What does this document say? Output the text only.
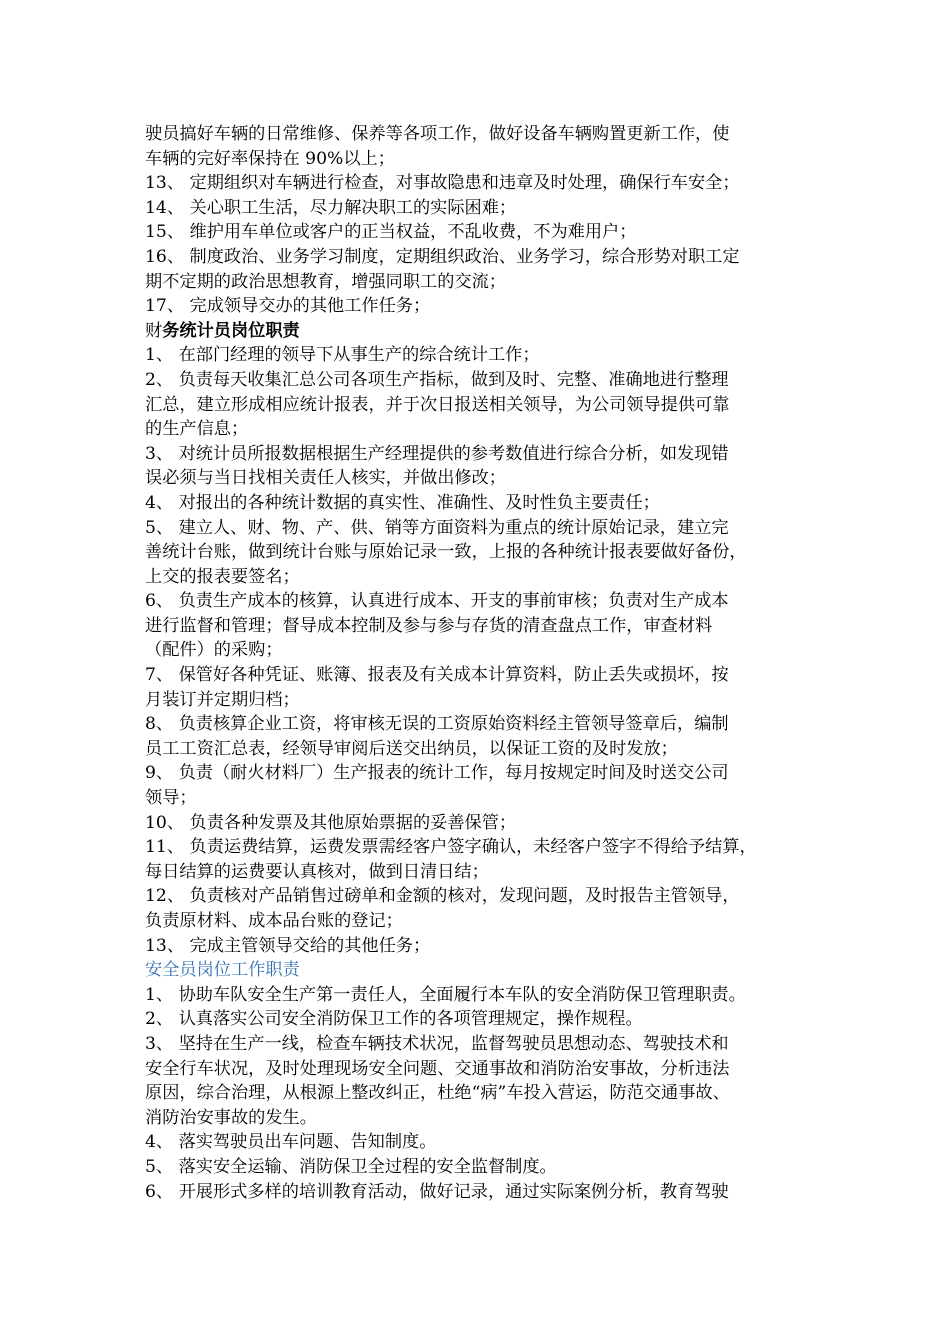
驶员搞好车辆的日常维修、保养等各项工作，做好设备车辆购置更新工作，使
车辆的完好率保持在 90%以上；
13、 定期组织对车辆进行检查，对事故隐患和违章及时处理，确保行车安全；
14、 关心职工生活，尽力解决职工的实际困难；
15、 维护用车单位或客户的正当权益，不乱收费，不为难用户；
16、 制度政治、业务学习制度，定期组织政治、业务学习，综合形势对职工定
期不定期的政治思想教育，增强同职工的交流；
17、 完成领导交办的其他工作任务；
财务统计员岗位职责
1、 在部门经理的领导下从事生产的综合统计工作；
2、 负责每天收集汇总公司各项生产指标，做到及时、完整、准确地进行整理
汇总，建立形成相应统计报表，并于次日报送相关领导，为公司领导提供可靠
的生产信息；
3、 对统计员所报数据根据生产经理提供的参考数值进行综合分析，如发现错
误必须与当日找相关责任人核实，并做出修改；
4、 对报出的各种统计数据的真实性、准确性、及时性负主要责任；
5、 建立人、财、物、产、供、销等方面资料为重点的统计原始记录，建立完
善统计台账，做到统计台账与原始记录一致，上报的各种统计报表要做好备份，
上交的报表要签名；
6、 负责生产成本的核算，认真进行成本、开支的事前审核；负责对生产成本
进行监督和管理；督导成本控制及参与参与存货的清查盘点工作，审查材料
（配件）的采购；
7、 保管好各种凭证、账簿、报表及有关成本计算资料，防止丢失或损坏，按
月装订并定期归档；
8、 负责核算企业工资，将审核无误的工资原始资料经主管领导签章后，编制
员工工资汇总表，经领导审阅后送交出纳员，以保证工资的及时发放；
9、 负责（耐火材料厂）生产报表的统计工作，每月按规定时间及时送交公司
领导；
10、 负责各种发票及其他原始票据的妥善保管；
11、 负责运费结算，运费发票需经客户签字确认，未经客户签字不得给予结算，
每日结算的运费要认真核对，做到日清日结；
12、 负责核对产品销售过磅单和金额的核对，发现问题，及时报告主管领导，
负责原材料、成本品台账的登记；
13、 完成主管领导交给的其他任务；
安全员岗位工作职责
1、 协助车队安全生产第一责任人，全面履行本车队的安全消防保卫管理职责。
2、 认真落实公司安全消防保卫工作的各项管理规定，操作规程。
3、 坚持在生产一线，检查车辆技术状况，监督驾驶员思想动态、驾驶技术和
安全行车状况，及时处理现场安全问题、交通事故和消防治安事故，分析违法
原因，综合治理，从根源上整改纠正，杜绝“病”车投入营运，防范交通事故、
消防治安事故的发生。
4、 落实驾驶员出车问题、告知制度。
5、 落实安全运输、消防保卫全过程的安全监督制度。
6、 开展形式多样的培训教育活动，做好记录，通过实际案例分析，教育驾驶
